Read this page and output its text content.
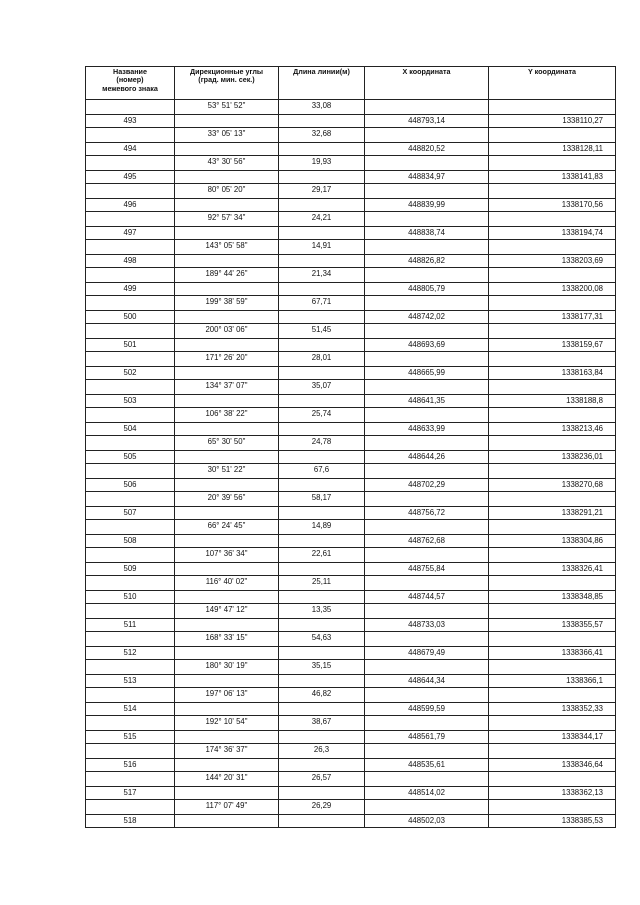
Название
(номер)
межевого знака	Дирекционные углы
(град. мин. сек.)	Длина линии(м)	X координата	Y координата
	53° 51' 52"	33,08		
493			448793,14	1338110,27
	33° 05' 13"	32,68		
494			448820,52	1338128,11
	43° 30' 56"	19,93		
495			448834,97	1338141,83
	80° 05' 20"	29,17		
496			448839,99	1338170,56
	92° 57' 34"	24,21		
497			448838,74	1338194,74
	143° 05' 58"	14,91		
498			448826,82	1338203,69
	189° 44' 26"	21,34		
499			448805,79	1338200,08
	199° 38' 59"	67,71		
500			448742,02	1338177,31
	200° 03' 06"	51,45		
501			448693,69	1338159,67
	171° 26' 20"	28,01		
502			448665,99	1338163,84
	134° 37' 07"	35,07		
503			448641,35	1338188,8
	106° 38' 22"	25,74		
504			448633,99	1338213,46
	65° 30' 50"	24,78		
505			448644,26	1338236,01
	30° 51' 22"	67,6		
506			448702,29	1338270,68
	20° 39' 56"	58,17		
507			448756,72	1338291,21
	66° 24' 45"	14,89		
508			448762,68	1338304,86
	107° 36' 34"	22,61		
509			448755,84	1338326,41
	116° 40' 02"	25,11		
510			448744,57	1338348,85
	149° 47' 12"	13,35		
511			448733,03	1338355,57
	168° 33' 15"	54,63		
512			448679,49	1338366,41
	180° 30' 19"	35,15		
513			448644,34	1338366,1
	197° 06' 13"	46,82		
514			448599,59	1338352,33
	192° 10' 54"	38,67		
515			448561,79	1338344,17
	174° 36' 37"	26,3		
516			448535,61	1338346,64
	144° 20' 31"	26,57		
517			448514,02	1338362,13
	117° 07' 49"	26,29		
518			448502,03	1338385,53
